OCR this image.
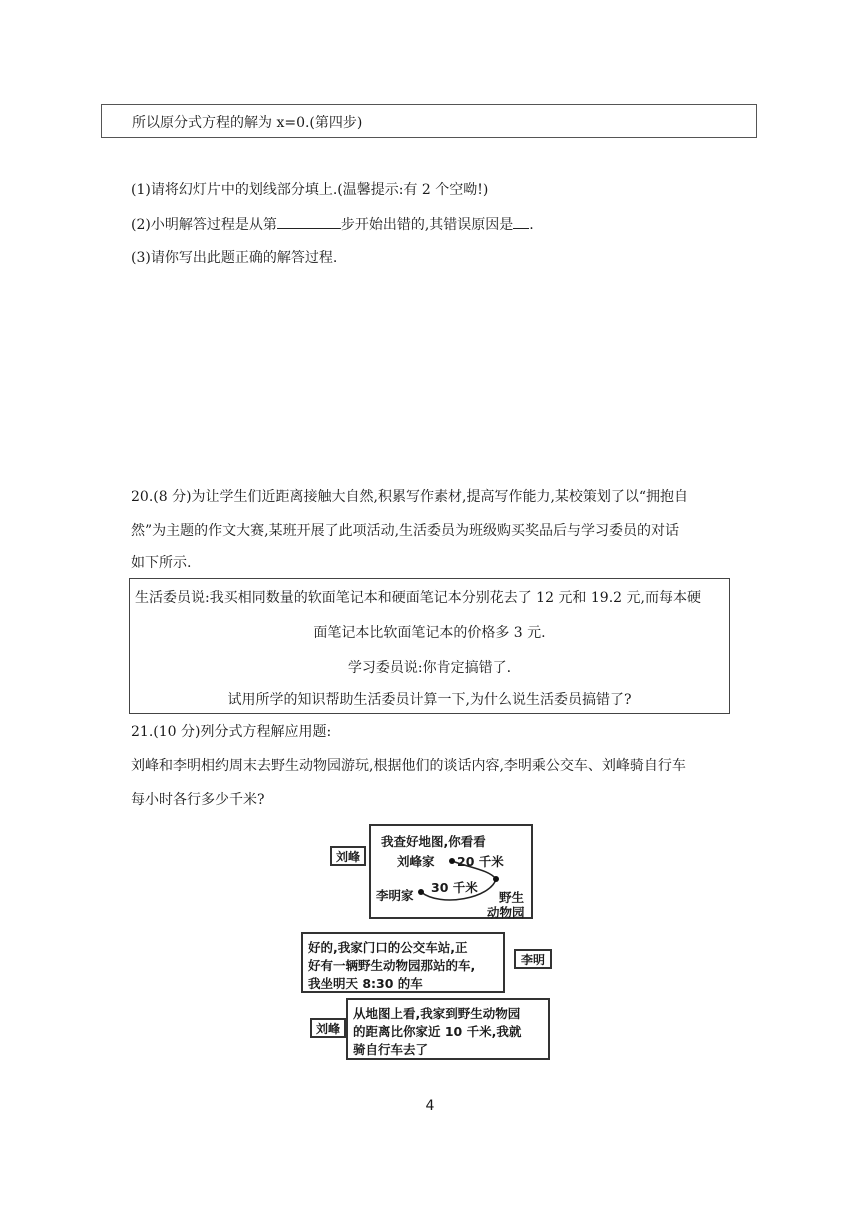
所以原分式方程的解为 x=0.(第四步)
(1)请将幻灯片中的划线部分填上.(温馨提示:有 2 个空呦!)
(2)小明解答过程是从第	步开始出错的,其错误原因是 .
(3)请你写出此题正确的解答过程.
20.(8 分)为让学生们近距离接触大自然,积累写作素材,提高写作能力,某校策划了以“拥抱自
然”为主题的作文大赛,某班开展了此项活动,生活委员为班级购买奖品后与学习委员的对话
如下所示.
生活委员说:我买相同数量的软面笔记本和硬面笔记本分别花去了 12 元和 19.2 元,而每本硬
面笔记本比软面笔记本的价格多 3 元.
学习委员说:你肯定搞错了.
试用所学的知识帮助生活委员计算一下,为什么说生活委员搞错了?
21.(10 分)列分式方程解应用题:
刘峰和李明相约周末去野生动物园游玩,根据他们的谈话内容,李明乘公交车、刘峰骑自行车
每小时各行多少千米?
刘峰
我查好地图,你看看
刘峰家 20 千米
30 千米
李明家	野生
动物园
好的,我家门口的公交车站,正
好有一辆野生动物园那站的车,
我坐明天 8:30 的车
李明
刘峰
从地图上看,我家到野生动物园
的距离比你家近 10 千米,我就
骑自行车去了
4
